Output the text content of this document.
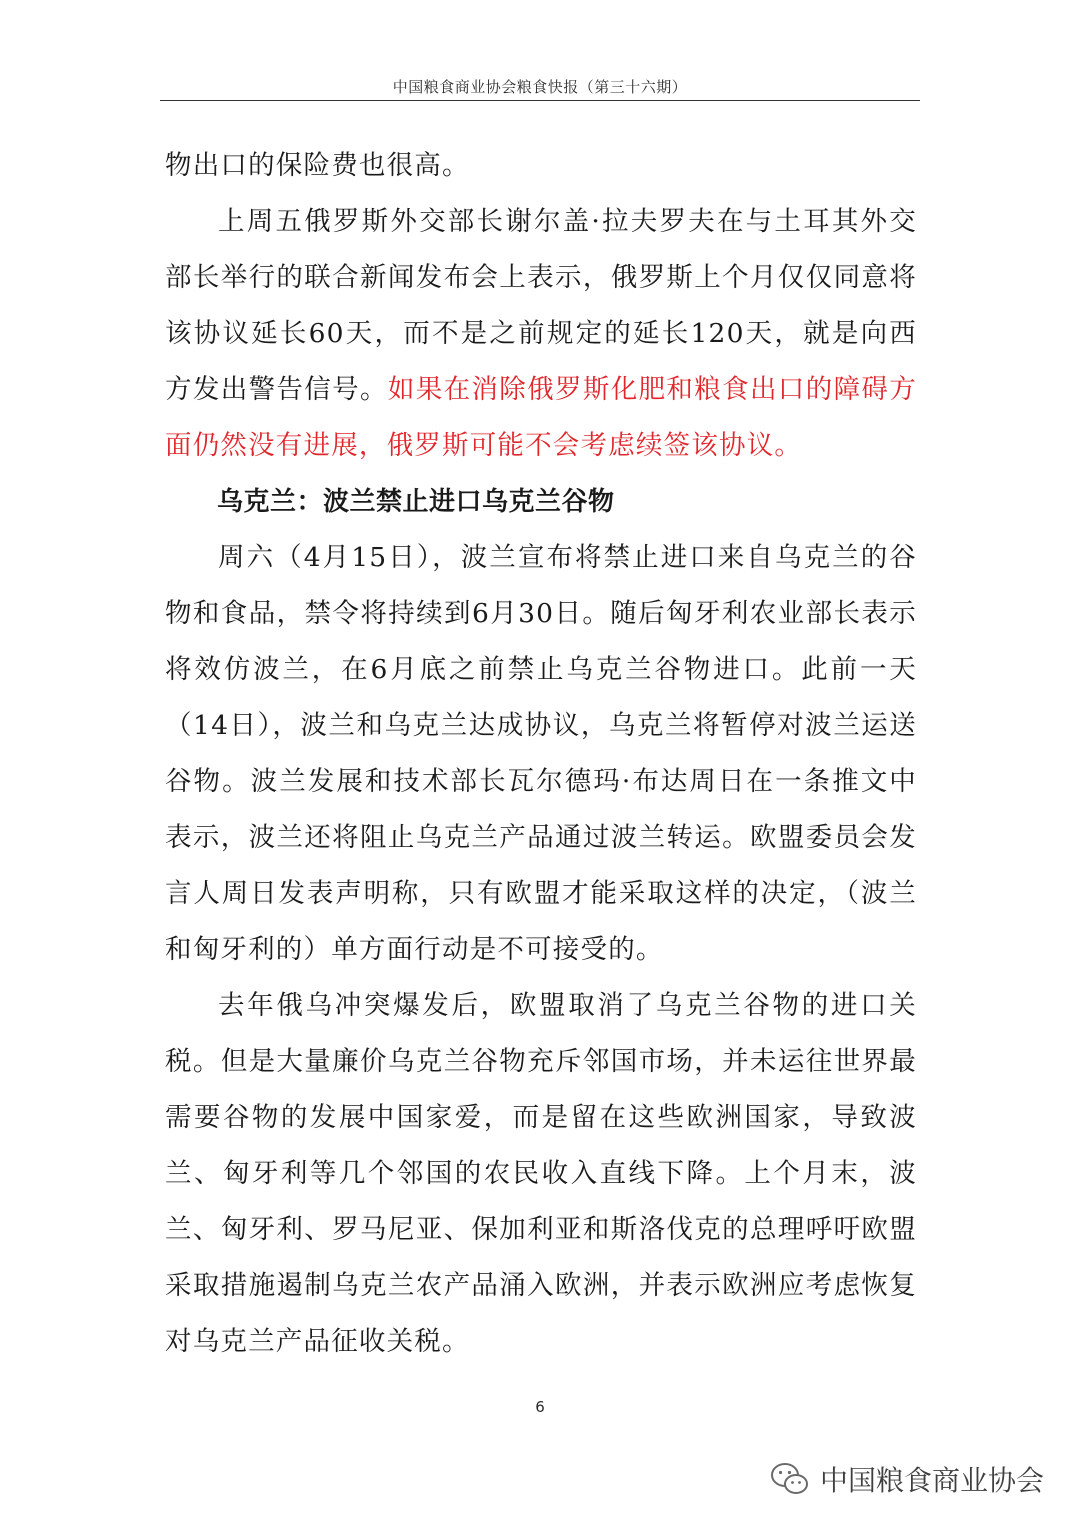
中国粮食商业协会粮食快报（第三十六期）

物出口的保险费也很高。

上周五俄罗斯外交部长谢尔盖·拉夫罗夫在与土耳其外交部长举行的联合新闻发布会上表示，俄罗斯上个月仅仅同意将该协议延长60天，而不是之前规定的延长120天，就是向西方发出警告信号。如果在消除俄罗斯化肥和粮食出口的障碍方面仍然没有进展，俄罗斯可能不会考虑续签该协议。

乌克兰：波兰禁止进口乌克兰谷物

周六（4月15日），波兰宣布将禁止进口来自乌克兰的谷物和食品，禁令将持续到6月30日。随后匈牙利农业部长表示将效仿波兰，在6月底之前禁止乌克兰谷物进口。此前一天（14日），波兰和乌克兰达成协议，乌克兰将暂停对波兰运送谷物。波兰发展和技术部长瓦尔德玛·布达周日在一条推文中表示，波兰还将阻止乌克兰产品通过波兰转运。欧盟委员会发言人周日发表声明称，只有欧盟才能采取这样的决定，（波兰和匈牙利的）单方面行动是不可接受的。

去年俄乌冲突爆发后，欧盟取消了乌克兰谷物的进口关税。但是大量廉价乌克兰谷物充斥邻国市场，并未运往世界最需要谷物的发展中国家爱，而是留在这些欧洲国家，导致波兰、匈牙利等几个邻国的农民收入直线下降。上个月末，波兰、匈牙利、罗马尼亚、保加利亚和斯洛伐克的总理呼吁欧盟采取措施遏制乌克兰农产品涌入欧洲，并表示欧洲应考虑恢复对乌克兰产品征收关税。

6
中国粮食商业协会
